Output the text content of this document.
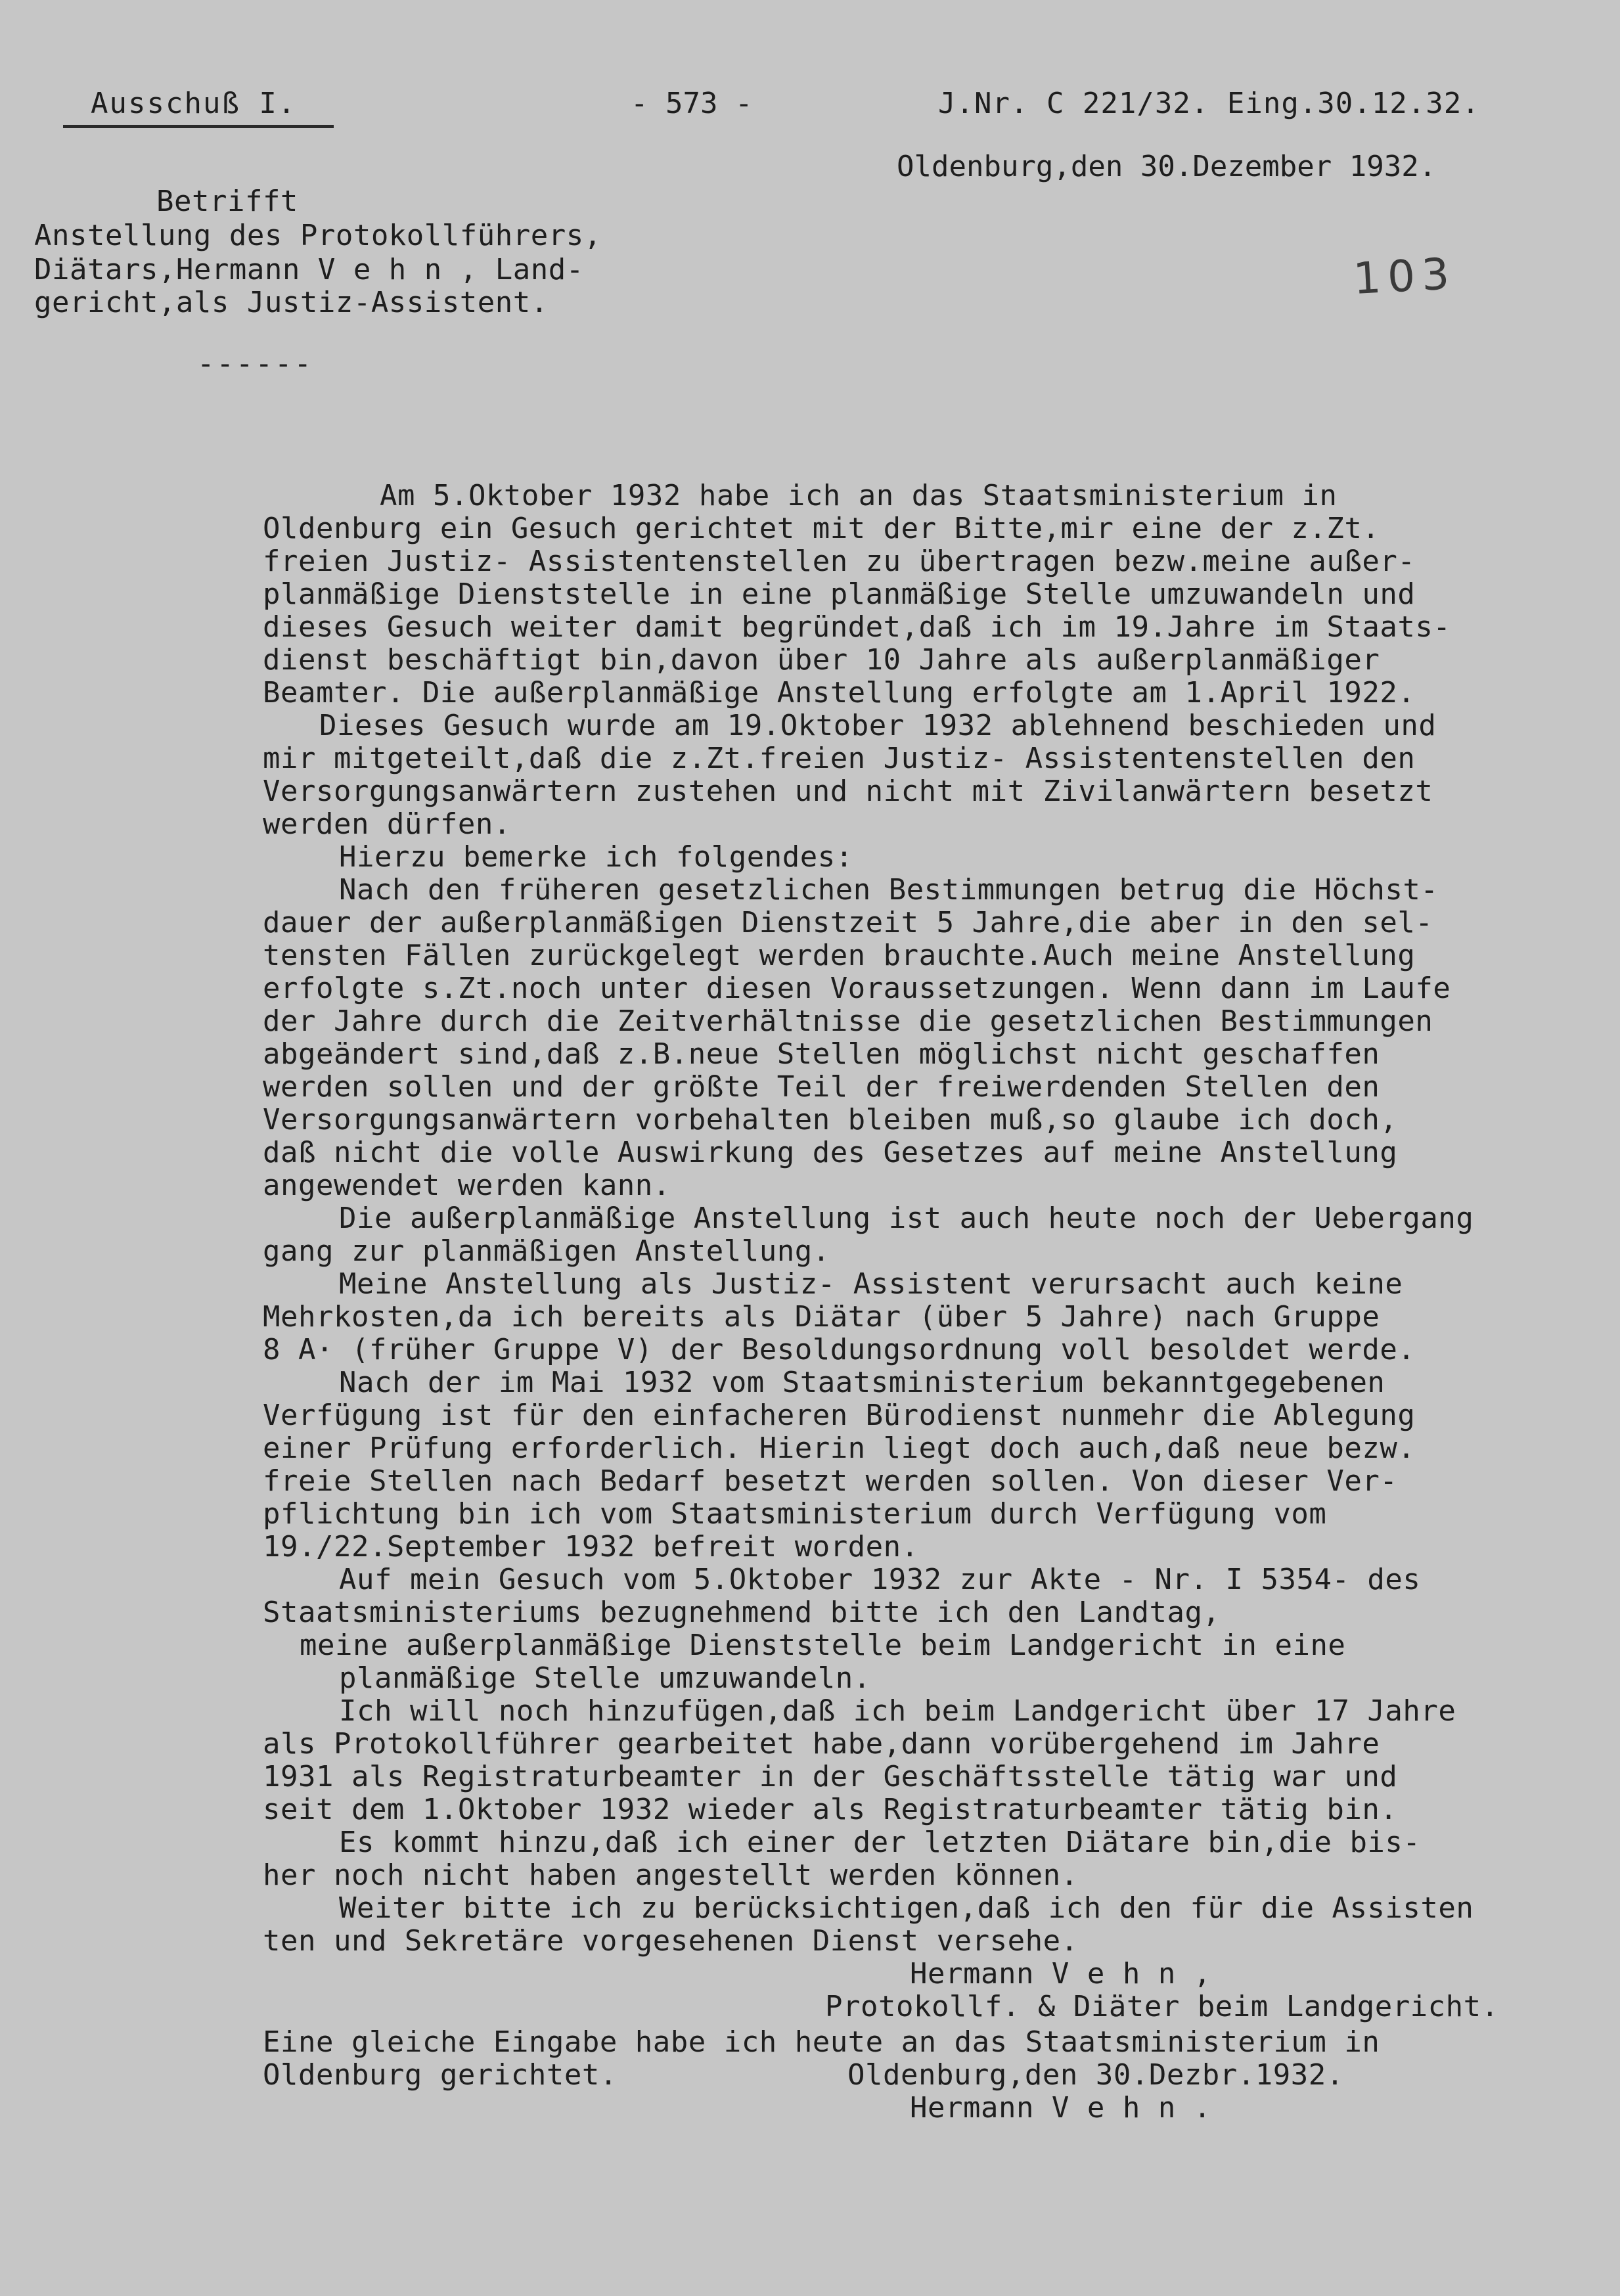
Ausschuß I.	- 573 -	J.Nr. C 221/32. Eing.30.12.32.
Oldenburg,den 30.Dezember 1932.
103
Betrifft
Anstellung des Protokollführers,
Diätars,Hermann V e h n , Land-
gericht,als Justiz-Assistent.
------
Am 5.Oktober 1932 habe ich an das Staatsministerium in
Oldenburg ein Gesuch gerichtet mit der Bitte,mir eine der z.Zt.
freien Justiz- Assistentenstellen zu übertragen bezw.meine außer-
planmäßige Dienststelle in eine planmäßige Stelle umzuwandeln und
dieses Gesuch weiter damit begründet,daß ich im 19.Jahre im Staats-
dienst beschäftigt bin,davon über 10 Jahre als außerplanmäßiger
Beamter. Die außerplanmäßige Anstellung erfolgte am 1.April 1922.
Dieses Gesuch wurde am 19.Oktober 1932 ablehnend beschieden und
mir mitgeteilt,daß die z.Zt.freien Justiz- Assistentenstellen den
Versorgungsanwärtern zustehen und nicht mit Zivilanwärtern besetzt
werden dürfen.
Hierzu bemerke ich folgendes:
Nach den früheren gesetzlichen Bestimmungen betrug die Höchst-
dauer der außerplanmäßigen Dienstzeit 5 Jahre,die aber in den sel-
tensten Fällen zurückgelegt werden brauchte.Auch meine Anstellung
erfolgte s.Zt.noch unter diesen Voraussetzungen. Wenn dann im Laufe
der Jahre durch die Zeitverhältnisse die gesetzlichen Bestimmungen
abgeändert sind,daß z.B.neue Stellen möglichst nicht geschaffen
werden sollen und der größte Teil der freiwerdenden Stellen den
Versorgungsanwärtern vorbehalten bleiben muß,so glaube ich doch,
daß nicht die volle Auswirkung des Gesetzes auf meine Anstellung
angewendet werden kann.
Die außerplanmäßige Anstellung ist auch heute noch der Uebergang
gang zur planmäßigen Anstellung.
Meine Anstellung als Justiz- Assistent verursacht auch keine
Mehrkosten,da ich bereits als Diätar (über 5 Jahre) nach Gruppe
8 A· (früher Gruppe V) der Besoldungsordnung voll besoldet werde.
Nach der im Mai 1932 vom Staatsministerium bekanntgegebenen
Verfügung ist für den einfacheren Bürodienst nunmehr die Ablegung
einer Prüfung erforderlich. Hierin liegt doch auch,daß neue bezw.
freie Stellen nach Bedarf besetzt werden sollen. Von dieser Ver-
pflichtung bin ich vom Staatsministerium durch Verfügung vom
19./22.September 1932 befreit worden.
Auf mein Gesuch vom 5.Oktober 1932 zur Akte - Nr. I 5354- des
Staatsministeriums bezugnehmend bitte ich den Landtag,
meine außerplanmäßige Dienststelle beim Landgericht in eine
planmäßige Stelle umzuwandeln.
Ich will noch hinzufügen,daß ich beim Landgericht über 17 Jahre
als Protokollführer gearbeitet habe,dann vorübergehend im Jahre
1931 als Registraturbeamter in der Geschäftsstelle tätig war und
seit dem 1.Oktober 1932 wieder als Registraturbeamter tätig bin.
Es kommt hinzu,daß ich einer der letzten Diätare bin,die bis-
her noch nicht haben angestellt werden können.
Weiter bitte ich zu berücksichtigen,daß ich den für die Assisten
ten und Sekretäre vorgesehenen Dienst versehe.
Hermann V e h n ,
Protokollf. & Diäter beim Landgericht.
Eine gleiche Eingabe habe ich heute an das Staatsministerium in
Oldenburg gerichtet.	Oldenburg,den 30.Dezbr.1932.
Hermann V e h n .
